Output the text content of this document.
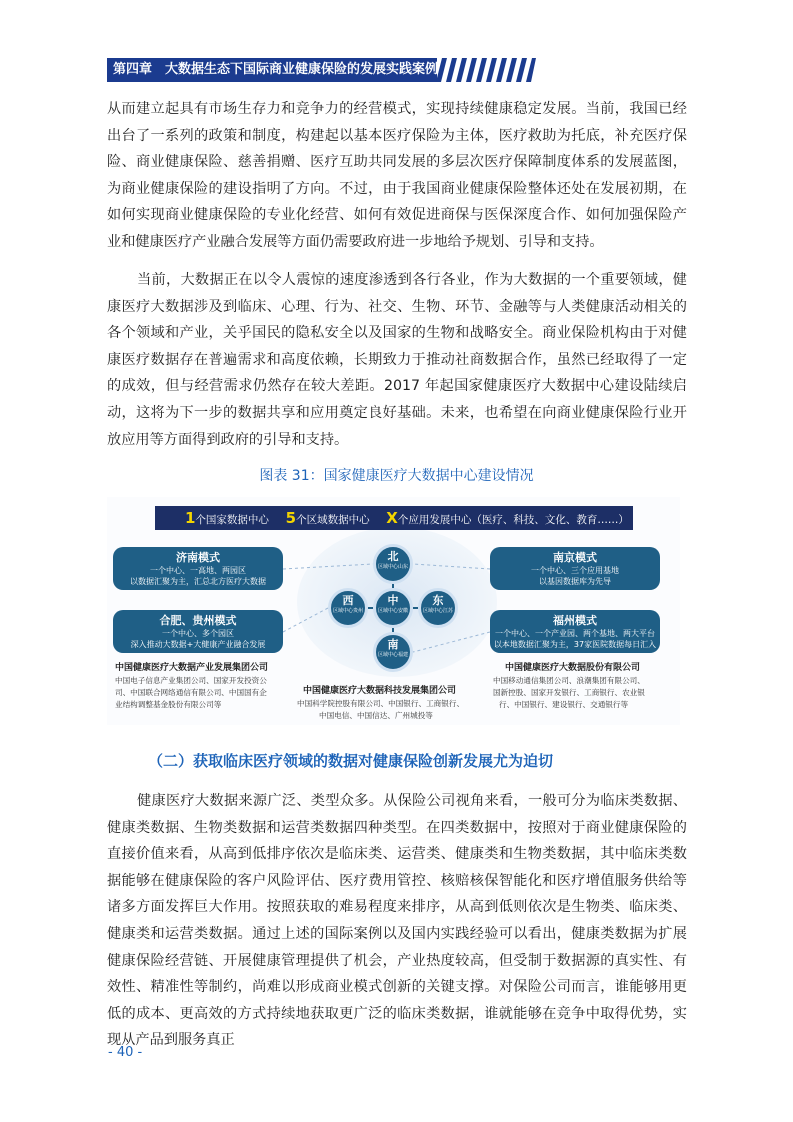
第四章　大数据生态下国际商业健康保险的发展实践案例
从而建立起具有市场生存力和竞争力的经营模式，实现持续健康稳定发展。当前，我国已经出台了一系列的政策和制度，构建起以基本医疗保险为主体，医疗救助为托底，补充医疗保险、商业健康保险、慈善捐赠、医疗互助共同发展的多层次医疗保障制度体系的发展蓝图，为商业健康保险的建设指明了方向。不过，由于我国商业健康保险整体还处在发展初期，在如何实现商业健康保险的专业化经营、如何有效促进商保与医保深度合作、如何加强保险产业和健康医疗产业融合发展等方面仍需要政府进一步地给予规划、引导和支持。
当前，大数据正在以令人震惊的速度渗透到各行各业，作为大数据的一个重要领域，健康医疗大数据涉及到临床、心理、行为、社交、生物、环节、金融等与人类健康活动相关的各个领域和产业，关乎国民的隐私安全以及国家的生物和战略安全。商业保险机构由于对健康医疗数据存在普遍需求和高度依赖，长期致力于推动社商数据合作，虽然已经取得了一定的成效，但与经营需求仍然存在较大差距。2017 年起国家健康医疗大数据中心建设陆续启动，这将为下一步的数据共享和应用奠定良好基础。未来，也希望在向商业健康保险行业开放应用等方面得到政府的引导和支持。
图表 31：国家健康医疗大数据中心建设情况
1个国家数据中心 5个区域数据中心 X个应用发展中心（医疗、科技、文化、教育……）
济南模式
一个中心、一高地、两园区
以数据汇聚为主，汇总北方医疗大数据
合肥、贵州模式
一个中心、多个园区
深入推动大数据+大健康产业融合发展
南京模式
一个中心、三个应用基地
以基因数据库为先导
福州模式
一个中心、一个产业园、两个基地、两大平台
以本地数据汇聚为主，37家医院数据每日汇入
北
区域中心山东
西
区域中心贵州
中
区域中心安徽
东
区域中心江苏
南
区域中心福建
中国健康医疗大数据产业发展集团公司
中国电子信息产业集团公司、国家开发投资公
司、中国联合网络通信有限公司、中国国有企
业结构调整基金股份有限公司等
中国健康医疗大数据股份有限公司
中国移动通信集团公司、浪潮集团有限公司、
国新控股、国家开发银行、工商银行、农业银
行、中国银行、建设银行、交通银行等
中国健康医疗大数据科技发展集团公司
中国科学院控股有限公司、中国银行、工商银行、
中国电信、中国信达、广州城投等
（二）获取临床医疗领域的数据对健康保险创新发展尤为迫切
健康医疗大数据来源广泛、类型众多。从保险公司视角来看，一般可分为临床类数据、健康类数据、生物类数据和运营类数据四种类型。在四类数据中，按照对于商业健康保险的直接价值来看，从高到低排序依次是临床类、运营类、健康类和生物类数据，其中临床类数据能够在健康保险的客户风险评估、医疗费用管控、核赔核保智能化和医疗增值服务供给等诸多方面发挥巨大作用。按照获取的难易程度来排序，从高到低则依次是生物类、临床类、健康类和运营类数据。通过上述的国际案例以及国内实践经验可以看出，健康类数据为扩展健康保险经营链、开展健康管理提供了机会，产业热度较高，但受制于数据源的真实性、有效性、精准性等制约，尚难以形成商业模式创新的关键支撑。对保险公司而言，谁能够用更低的成本、更高效的方式持续地获取更广泛的临床类数据，谁就能够在竞争中取得优势，实现从产品到服务真正
- 40 -
